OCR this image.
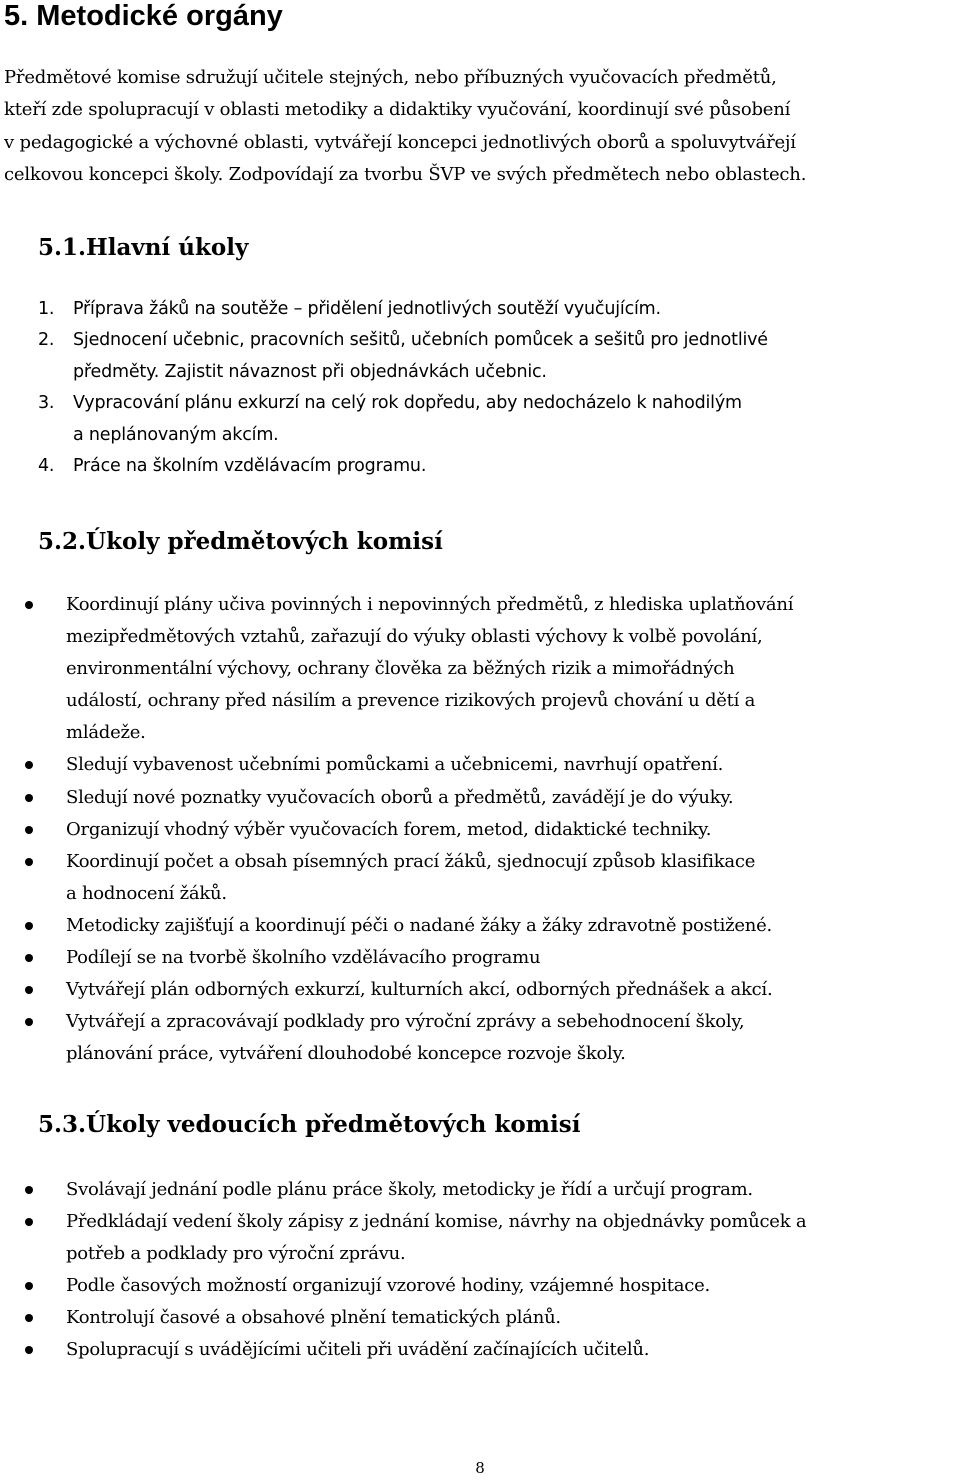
5. Metodické orgány

Předmětové komise sdružují učitele stejných, nebo příbuzných vyučovacích předmětů,
kteří zde spolupracují v oblasti metodiky a didaktiky vyučování, koordinují své působení
v pedagogické a výchovné oblasti, vytvářejí koncepci jednotlivých oborů a spoluvytvářejí
celkovou koncepci školy. Zodpovídají za tvorbu ŠVP ve svých předmětech nebo oblastech.

5.1.Hlavní úkoly
1. Příprava žáků na soutěže – přidělení jednotlivých soutěží vyučujícím.
2. Sjednocení učebnic, pracovních sešitů, učebních pomůcek a sešitů pro jednotlivé
předměty. Zajistit návaznost při objednávkách učebnic.
3. Vypracování plánu exkurzí na celý rok dopředu, aby nedocházelo k nahodilým
a neplánovaným akcím.
4. Práce na školním vzdělávacím programu.
5.2.Úkoly předmětových komisí
Koordinují plány učiva povinných i nepovinných předmětů, z hlediska uplatňování
mezipředmětových vztahů, zařazují do výuky oblasti výchovy k volbě povolání,
environmentální výchovy, ochrany člověka za běžných rizik a mimořádných
událostí, ochrany před násilím a prevence rizikových projevů chování u dětí a
mládeže.
Sledují vybavenost učebními pomůckami a učebnicemi, navrhují opatření.
Sledují nové poznatky vyučovacích oborů a předmětů, zavádějí je do výuky.
Organizují vhodný výběr vyučovacích forem, metod, didaktické techniky.
Koordinují počet a obsah písemných prací žáků, sjednocují způsob klasifikace
a hodnocení žáků.
Metodicky zajišťují a koordinují péči o nadané žáky a žáky zdravotně postižené.
Podílejí se na tvorbě školního vzdělávacího programu
Vytvářejí plán odborných exkurzí, kulturních akcí, odborných přednášek a akcí.
Vytvářejí a zpracovávají podklady pro výroční zprávy a sebehodnocení školy,
plánování práce, vytváření dlouhodobé koncepce rozvoje školy.
5.3.Úkoly vedoucích předmětových komisí
Svolávají jednání podle plánu práce školy, metodicky je řídí a určují program.
Předkládají vedení školy zápisy z jednání komise, návrhy na objednávky pomůcek a
potřeb a podklady pro výroční zprávu.
Podle časových možností organizují vzorové hodiny, vzájemné hospitace.
Kontrolují časové a obsahové plnění tematických plánů.
Spolupracují s uvádějícími učiteli při uvádění začínajících učitelů.

8
